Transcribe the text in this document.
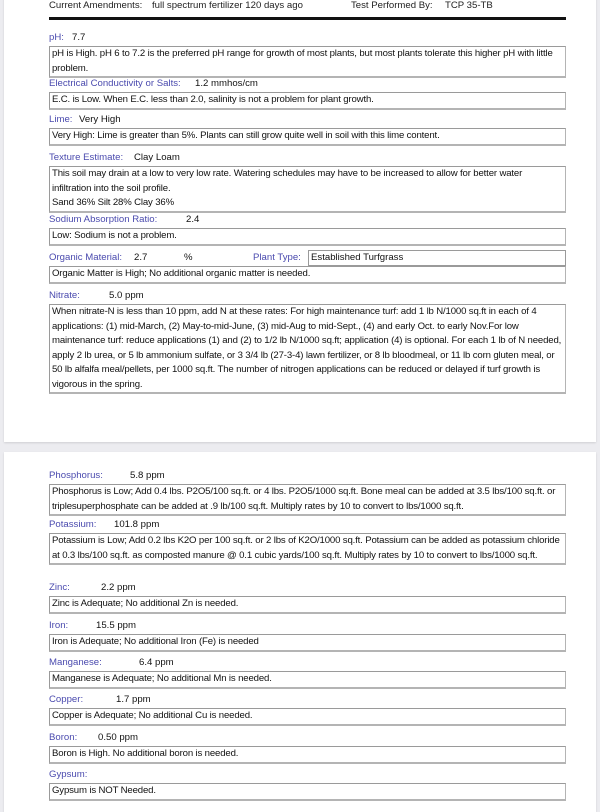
Current Amendments: full spectrum fertilizer 120 days ago	Test Performed By: TCP 35-TB
pH: 7.7
pH is High. pH 6 to 7.2 is the preferred pH range for growth of most plants, but most plants tolerate this higher pH with little problem.
Electrical Conductivity or Salts: 1.2 mmhos/cm
E.C. is Low. When E.C. less than 2.0, salinity is not a problem for plant growth.
Lime: Very High
Very High: Lime is greater than 5%. Plants can still grow quite well in soil with this lime content.
Texture Estimate: Clay Loam
This soil may drain at a low to very low rate. Watering schedules may have to be increased to allow for better water infiltration into the soil profile.
Sand 36% Silt 28% Clay 36%
Sodium Absorption Ratio:	2.4
Low: Sodium is not a problem.
Organic Material: 2.7	%	Plant Type:	Established Turfgrass
Organic Matter is High; No additional organic matter is needed.
Nitrate:	5.0 ppm
When nitrate-N is less than 10 ppm, add N at these rates: For high maintenance turf: add 1 lb N/1000 sq.ft in each of 4 applications: (1) mid-March, (2) May-to-mid-June, (3) mid-Aug to mid-Sept., (4) and early Oct. to early Nov.For low maintenance turf: reduce applications (1) and (2) to 1/2 lb N/1000 sq.ft; application (4) is optional. For each 1 lb of N needed, apply 2 lb urea, or 5 lb ammonium sulfate, or 3 3/4 lb (27-3-4) lawn fertilizer, or 8 lb bloodmeal, or 11 lb corn gluten meal, or 50 lb alfalfa meal/pellets, per 1000 sq.ft. The number of nitrogen applications can be reduced or delayed if turf growth is vigorous in the spring.
Phosphorus:	5.8 ppm
Phosphorus is Low; Add 0.4 lbs. P2O5/100 sq.ft. or 4 lbs. P2O5/1000 sq.ft. Bone meal can be added at 3.5 lbs/100 sq.ft. or triplesuperphosphate can be added at .9 lb/100 sq.ft. Multiply rates by 10 to convert to lbs/1000 sq.ft.
Potassium: 101.8 ppm
Potassium is Low; Add 0.2 lbs K2O per 100 sq.ft. or 2 lbs of K2O/1000 sq.ft. Potassium can be added as potassium chloride at 0.3 lbs/100 sq.ft. as composted manure @ 0.1 cubic yards/100 sq.ft. Multiply rates by 10 to convert to lbs/1000 sq.ft.
Zinc:	2.2 ppm
Zinc is Adequate; No additional Zn is needed.
Iron:	15.5 ppm
Iron is Adequate; No additional Iron (Fe) is needed
Manganese:	6.4 ppm
Manganese is Adequate; No additional Mn is needed.
Copper:	1.7 ppm
Copper is Adequate; No additional Cu is needed.
Boron: 0.50 ppm
Boron is High. No additional boron is needed.
Gypsum:
Gypsum is NOT Needed.
